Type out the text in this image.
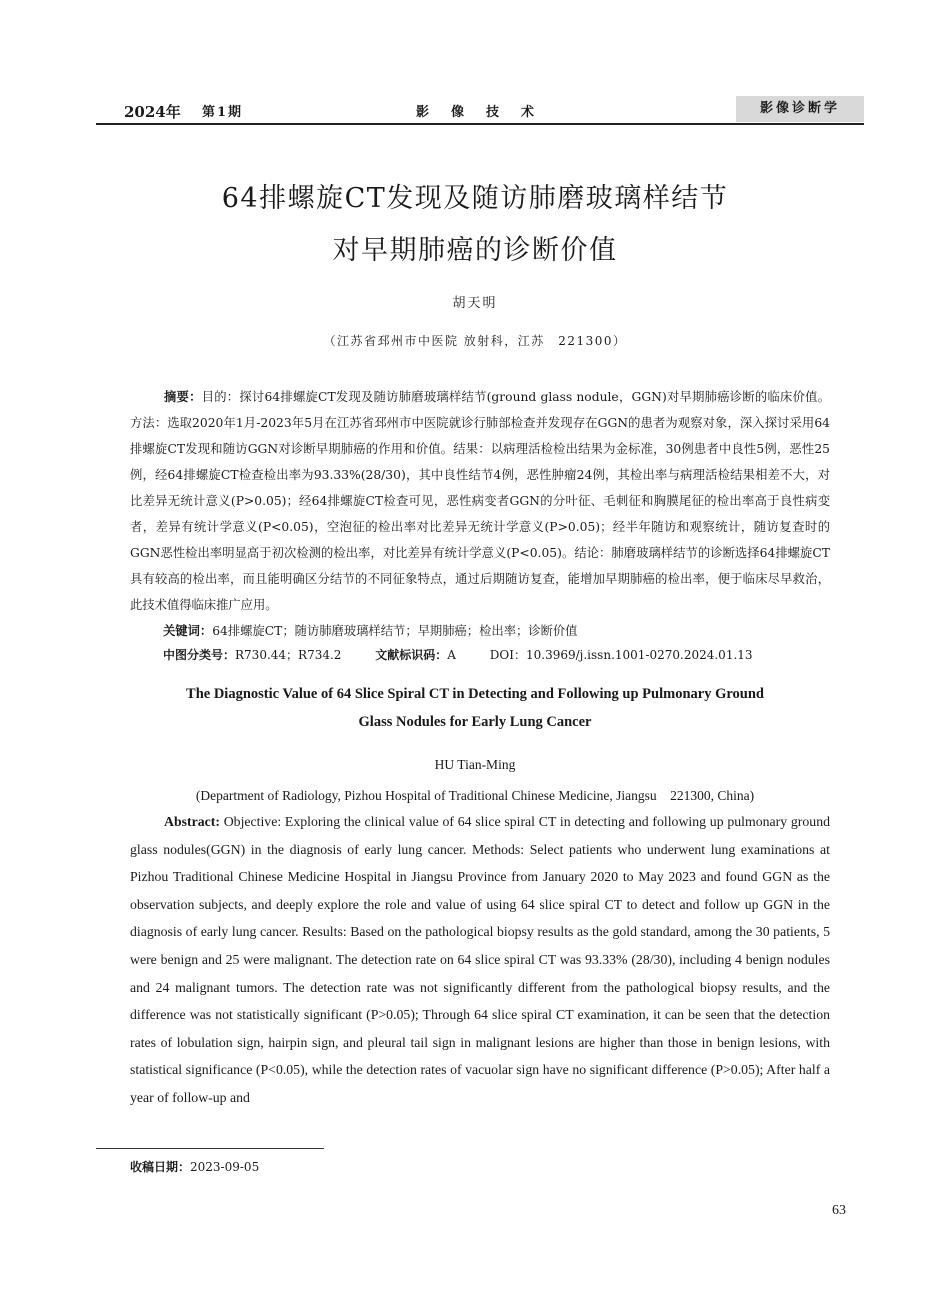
2024年 第1期	影像技术	影像诊断学
64排螺旋CT发现及随访肺磨玻璃样结节
对早期肺癌的诊断价值
胡天明
（江苏省邳州市中医院 放射科，江苏　221300）
摘要：目的：探讨64排螺旋CT发现及随访肺磨玻璃样结节(ground glass nodule，GGN)对早期肺癌诊断的临床价值。方法：选取2020年1月-2023年5月在江苏省邳州市中医院就诊行肺部检查并发现存在GGN的患者为观察对象，深入探讨采用64排螺旋CT发现和随访GGN对诊断早期肺癌的作用和价值。结果：以病理活检检出结果为金标准，30例患者中良性5例，恶性25例，经64排螺旋CT检查检出率为93.33%(28/30)，其中良性结节4例，恶性肿瘤24例，其检出率与病理活检结果相差不大，对比差异无统计意义(P>0.05)；经64排螺旋CT检查可见，恶性病变者GGN的分叶征、毛刺征和胸膜尾征的检出率高于良性病变者，差异有统计学意义(P<0.05)，空泡征的检出率对比差异无统计学意义(P>0.05)；经半年随访和观察统计，随访复查时的GGN恶性检出率明显高于初次检测的检出率，对比差异有统计学意义(P<0.05)。结论：肺磨玻璃样结节的诊断选择64排螺旋CT具有较高的检出率，而且能明确区分结节的不同征象特点，通过后期随访复查，能增加早期肺癌的检出率，便于临床尽早救治，此技术值得临床推广应用。
关键词：64排螺旋CT；随访肺磨玻璃样结节；早期肺癌；检出率；诊断价值
中图分类号：R730.44；R734.2	文献标识码：A	DOI：10.3969/j.issn.1001-0270.2024.01.13
The Diagnostic Value of 64 Slice Spiral CT in Detecting and Following up Pulmonary Ground
Glass Nodules for Early Lung Cancer
HU Tian-Ming
(Department of Radiology, Pizhou Hospital of Traditional Chinese Medicine, Jiangsu　221300, China)
Abstract: Objective: Exploring the clinical value of 64 slice spiral CT in detecting and following up pulmonary ground glass nodules(GGN) in the diagnosis of early lung cancer. Methods: Select patients who underwent lung examinations at Pizhou Traditional Chinese Medicine Hospital in Jiangsu Province from January 2020 to May 2023 and found GGN as the observation subjects, and deeply explore the role and value of using 64 slice spiral CT to detect and follow up GGN in the diagnosis of early lung cancer. Results: Based on the pathological biopsy results as the gold standard, among the 30 patients, 5 were benign and 25 were malignant. The detection rate on 64 slice spiral CT was 93.33% (28/30), including 4 benign nodules and 24 malignant tumors. The detection rate was not significantly different from the pathological biopsy results, and the difference was not statistically significant (P>0.05); Through 64 slice spiral CT examination, it can be seen that the detection rates of lobulation sign, hairpin sign, and pleural tail sign in malignant lesions are higher than those in benign lesions, with statistical significance (P<0.05), while the detection rates of vacuolar sign have no significant difference (P>0.05); After half a year of follow-up and
收稿日期：2023-09-05
63
